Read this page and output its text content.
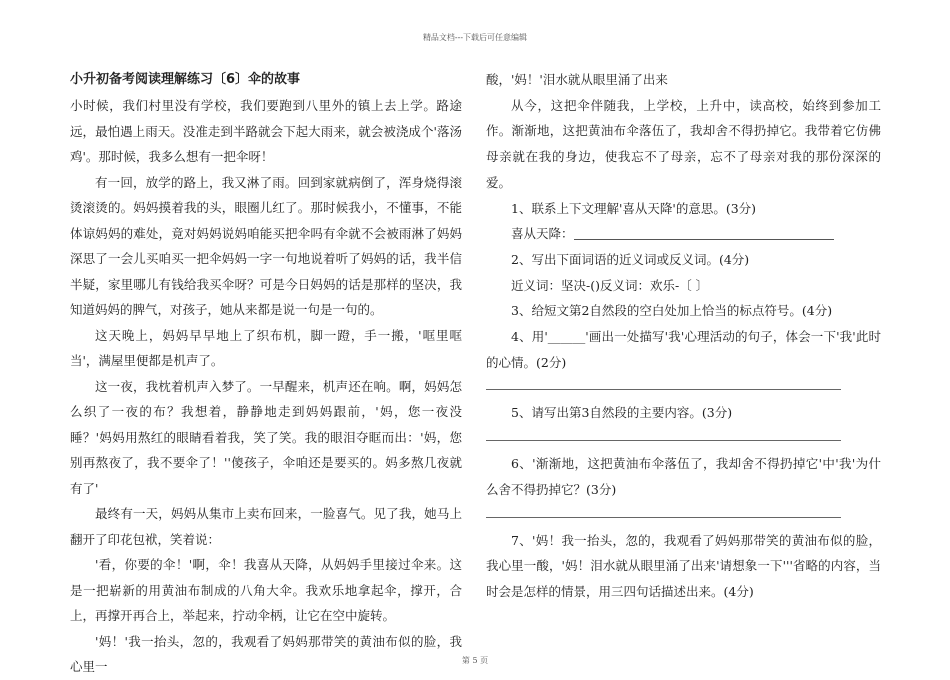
精品文档---下载后可任意编辑
小升初备考阅读理解练习〔6〕伞的故事

小时候，我们村里没有学校，我们要跑到八里外的镇上去上学。路途远，最怕遇上雨天。没准走到半路就会下起大雨来，就会被浇成个'落汤鸡'。那时候，我多么想有一把伞呀！

有一回，放学的路上，我又淋了雨。回到家就病倒了，浑身烧得滚烫滚烫的。妈妈摸着我的头，眼圈儿红了。那时候我小，不懂事，不能体谅妈妈的难处，竟对妈妈说妈咱能买把伞吗有伞就不会被雨淋了妈妈深思了一会儿买咱买一把伞妈妈一字一句地说着听了妈妈的话，我半信半疑，家里哪儿有钱给我买伞呀？可是今日妈妈的话是那样的坚决，我知道妈妈的脾气，对孩子，她从来都是说一句是一句的。

这天晚上，妈妈早早地上了织布机，脚一蹬，手一搬，'哐里哐当'，满屋里便都是机声了。

这一夜，我枕着机声入梦了。一早醒来，机声还在响。啊，妈妈怎么织了一夜的布？我想着，静静地走到妈妈跟前，'妈，您一夜没睡？'妈妈用熬红的眼睛看着我，笑了笑。我的眼泪夺眶而出：'妈，您别再熬夜了，我不要伞了！''傻孩子，伞咱还是要买的。妈多熬几夜就有了'

最终有一天，妈妈从集市上卖布回来，一脸喜气。见了我，她马上翻开了印花包袱，笑着说：

'看，你要的伞！'啊，伞！我喜从天降，从妈妈手里接过伞来。这是一把崭新的用黄油布制成的八角大伞。我欢乐地拿起伞，撑开，合上，再撑开再合上，举起来，拧动伞柄，让它在空中旋转。

'妈！'我一抬头，忽的，我观看了妈妈那带笑的黄油布似的脸，我心里一

酸，'妈！'泪水就从眼里涌了出来

从今，这把伞伴随我，上学校，上升中，读高校，始终到参加工作。渐渐地，这把黄油布伞落伍了，我却舍不得扔掉它。我带着它仿佛母亲就在我的身边，使我忘不了母亲，忘不了母亲对我的那份深深的爱。

1、联系上下文理解'喜从天降'的意思。(3分)

喜从天降：

2、写出下面词语的近义词或反义词。(4分)

近义词：坚决-()反义词：欢乐-〔 〕

3、给短文第2自然段的空白处加上恰当的标点符号。(4分)

4、用'______'画出一处描写'我'心理活动的句子，体会一下'我'此时的心情。(2分)

5、请写出第3自然段的主要内容。(3分)

6、'渐渐地，这把黄油布伞落伍了，我却舍不得扔掉它'中'我'为什么舍不得扔掉它？(3分)

7、'妈！我一抬头，忽的，我观看了妈妈那带笑的黄油布似的脸，我心里一酸，'妈！泪水就从眼里涌了出来'请想象一下'''省略的内容，当时会是怎样的情景，用三四句话描述出来。(4分)

第 5 页
